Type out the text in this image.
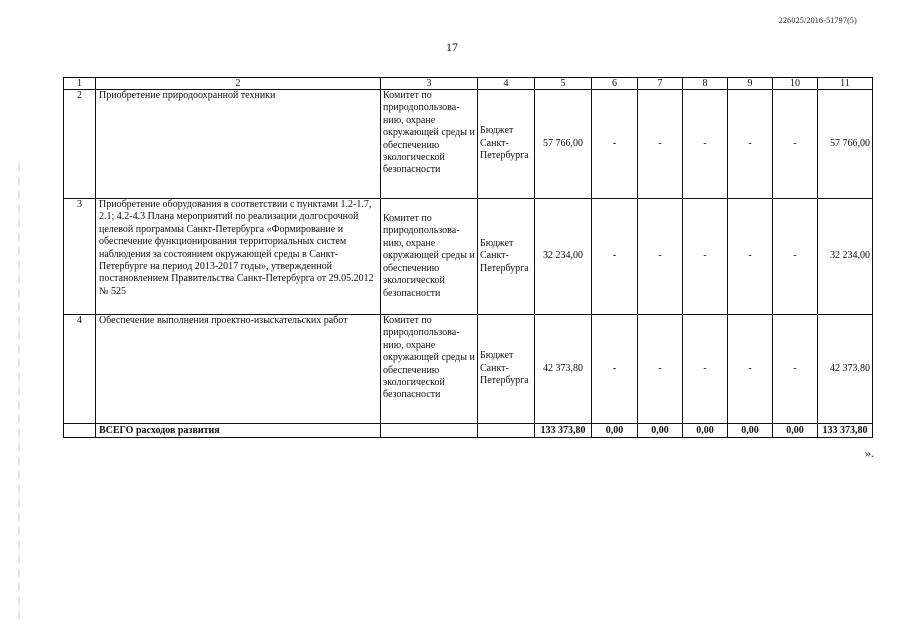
226025/2016-51797(5)
17
1	2	3	4	5	6	7	8	9	10	11
2	Приобретение природоохранной техники	Комитет по природопользова-нию, охране окружающей среды и обеспечению экологической безопасности	Бюджет Санкт-Петербурга	57 766,00	-	-	-	-	-	57 766,00
3	Приобретение оборудования в соответствии с пунктами 1.2-1.7, 2.1; 4.2-4.3 Плана мероприятий по реализации долгосрочной целевой программы Санкт-Петербурга «Формирование и обеспечение функционирования территориальных систем наблюдения за состоянием окружающей среды в Санкт-Петербурге на период 2013-2017 годы», утвержденной постановлением Правительства Санкт-Петербурга от 29.05.2012 № 525	Комитет по природопользова-нию, охране окружающей среды и обеспечению экологической безопасности	Бюджет Санкт-Петербурга	32 234,00	-	-	-	-	-	32 234,00
4	Обеспечение выполнения проектно-изыскательских работ	Комитет по природопользова-нию, охране окружающей среды и обеспечению экологической безопасности	Бюджет Санкт-Петербурга	42 373,80	-	-	-	-	-	42 373,80
	ВСЕГО расходов развития			133 373,80	0,00	0,00	0,00	0,00	0,00	133 373,80
».
